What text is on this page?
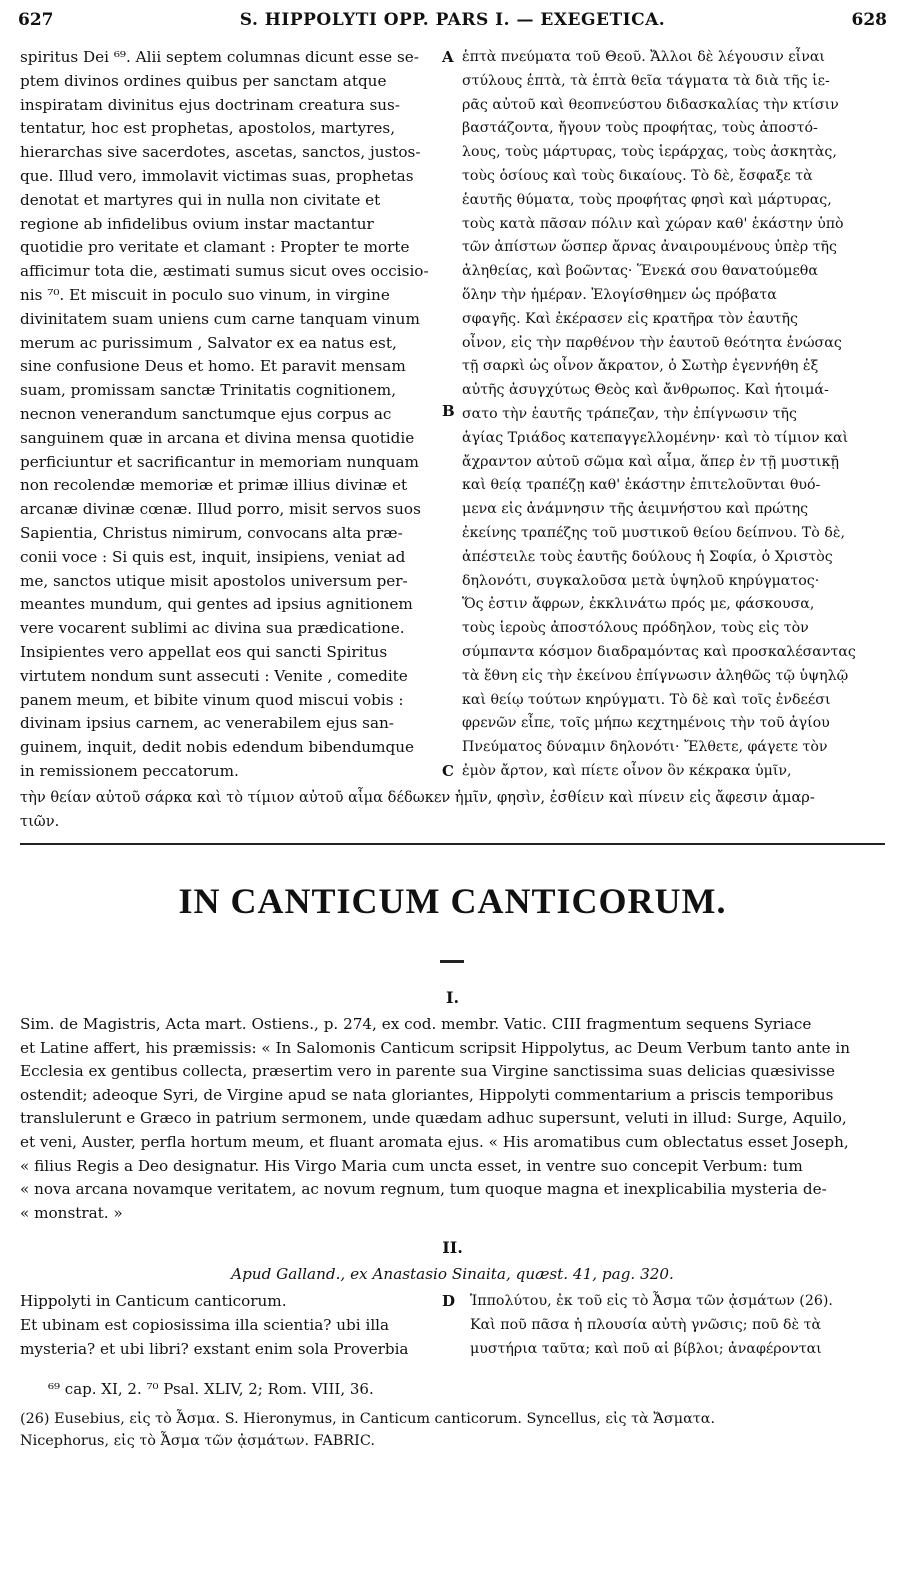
627	S. HIPPOLYTI OPP. PARS I. — EXEGETICA.	628
spiritus Dei ⁶⁹. Alii septem columnas dicunt esse se-
ptem divinos ordines quibus per sanctam atque
inspiratam divinitus ejus doctrinam creatura sus-
tentatur, hoc est prophetas, apostolos, martyres,
hierarchas sive sacerdotes, ascetas, sanctos, justos-
que. Illud vero, immolavit victimas suas, prophetas
denotat et martyres qui in nulla non civitate et
regione ab infidelibus ovium instar mactantur
quotidie pro veritate et clamant : Propter te morte
afficimur tota die, æstimati sumus sicut oves occisio-
nis ⁷⁰. Et miscuit in poculo suo vinum, in virgine
divinitatem suam uniens cum carne tanquam vinum
merum ac purissimum , Salvator ex ea natus est,
sine confusione Deus et homo. Et paravit mensam
suam, promissam sanctæ Trinitatis cognitionem,
necnon venerandum sanctumque ejus corpus ac
sanguinem quæ in arcana et divina mensa quotidie
perficiuntur et sacrificantur in memoriam nunquam
non recolendæ memoriæ et primæ illius divinæ et
arcanæ divinæ cœnæ. Illud porro, misit servos suos
Sapientia, Christus nimirum, convocans alta præ-
conii voce : Si quis est, inquit, insipiens, veniat ad
me, sanctos utique misit apostolos universum per-
meantes mundum, qui gentes ad ipsius agnitionem
vere vocarent sublimi ac divina sua prædicatione.
Insipientes vero appellat eos qui sancti Spiritus
virtutem nondum sunt assecuti : Venite , comedite
panem meum, et bibite vinum quod miscui vobis :
divinam ipsius carnem, ac venerabilem ejus san-
guinem, inquit, dedit nobis edendum bibendumque
in remissionem peccatorum.
A
B
C
ἑπτὰ πνεύματα τοῦ Θεοῦ. Ἄλλοι δὲ λέγουσιν εἶναι
στύλους ἑπτὰ, τὰ ἑπτὰ θεῖα τάγματα τὰ διὰ τῆς ἱε-
ρᾶς αὐτοῦ καὶ θεοπνεύστου διδασκαλίας τὴν κτίσιν
βαστάζοντα, ἤγουν τοὺς προφήτας, τοὺς ἀποστό-
λους, τοὺς μάρτυρας, τοὺς ἱεράρχας, τοὺς ἀσκητὰς,
τοὺς ὁσίους καὶ τοὺς δικαίους. Τὸ δὲ, ἔσφαξε τὰ
ἑαυτῆς θύματα, τοὺς προφήτας φησὶ καὶ μάρτυρας,
τοὺς κατὰ πᾶσαν πόλιν καὶ χώραν καθ' ἑκάστην ὑπὸ
τῶν ἀπίστων ὥσπερ ἄρνας ἀναιρουμένους ὑπὲρ τῆς
ἀληθείας, καὶ βοῶντας· Ἕνεκά σου θανατούμεθα
ὅλην τὴν ἡμέραν. Ἐλογίσθημεν ὡς πρόβατα
σφαγῆς. Καὶ ἐκέρασεν εἰς κρατῆρα τὸν ἑαυτῆς
οἶνον, εἰς τὴν παρθένον τὴν ἑαυτοῦ θεότητα ἑνώσας
τῇ σαρκὶ ὡς οἶνον ἄκρατον, ὁ Σωτὴρ ἐγεννήθη ἐξ
αὐτῆς ἀσυγχύτως Θεὸς καὶ ἄνθρωπος. Καὶ ἡτοιμά-
σατο τὴν ἑαυτῆς τράπεζαν, τὴν ἐπίγνωσιν τῆς
ἁγίας Τριάδος κατεπαγγελλομένην· καὶ τὸ τίμιον καὶ
ἄχραντον αὐτοῦ σῶμα καὶ αἷμα, ἅπερ ἐν τῇ μυστικῇ
καὶ θείᾳ τραπέζῃ καθ' ἑκάστην ἐπιτελοῦνται θυό-
μενα εἰς ἀνάμνησιν τῆς ἀειμνήστου καὶ πρώτης
ἐκείνης τραπέζης τοῦ μυστικοῦ θείου δείπνου. Τὸ δὲ,
ἀπέστειλε τοὺς ἑαυτῆς δούλους ἡ Σοφία, ὁ Χριστὸς
δηλονότι, συγκαλοῦσα μετὰ ὑψηλοῦ κηρύγματος·
Ὅς ἐστιν ἄφρων, ἐκκλινάτω πρός με, φάσκουσα,
τοὺς ἱεροὺς ἀποστόλους πρόδηλον, τοὺς εἰς τὸν
σύμπαντα κόσμον διαδραμόντας καὶ προσκαλέσαντας
τὰ ἔθνη εἰς τὴν ἐκείνου ἐπίγνωσιν ἀληθῶς τῷ ὑψηλῷ
καὶ θείῳ τούτων κηρύγματι. Τὸ δὲ καὶ τοῖς ἐνδεέσι
φρενῶν εἶπε, τοῖς μήπω κεχτημένοις τὴν τοῦ ἁγίου
Πνεύματος δύναμιν δηλονότι· Ἔλθετε, φάγετε τὸν
ἐμὸν ἄρτον, καὶ πίετε οἶνον ὃν κέκρακα ὑμῖν,
τὴν θείαν αὐτοῦ σάρκα καὶ τὸ τίμιον αὐτοῦ αἷμα δέδωκεν ἡμῖν, φησὶν, ἐσθίειν καὶ πίνειν εἰς ἄφεσιν ἁμαρ-
τιῶν.
IN CANTICUM CANTICORUM.
I.
Sim. de Magistris, Acta mart. Ostiens., p. 274, ex cod. membr. Vatic. CIII fragmentum sequens Syriace
et Latine affert, his præmissis: « In Salomonis Canticum scripsit Hippolytus, ac Deum Verbum tanto ante in
Ecclesia ex gentibus collecta, præsertim vero in parente sua Virgine sanctissima suas delicias quæsivisse
ostendit; adeoque Syri, de Virgine apud se nata gloriantes, Hippolyti commentarium a priscis temporibus
translulerunt e Græco in patrium sermonem, unde quædam adhuc supersunt, veluti in illud: Surge, Aquilo,
et veni, Auster, perfla hortum meum, et fluant aromata ejus. « His aromatibus cum oblectatus esset Joseph,
« filius Regis a Deo designatur. His Virgo Maria cum uncta esset, in ventre suo concepit Verbum: tum
« nova arcana novamque veritatem, ac novum regnum, tum quoque magna et inexplicabilia mysteria de-
« monstrat. »
II.
Apud Galland., ex Anastasio Sinaita, quæst. 41, pag. 320.
Hippolyti in Canticum canticorum.
Et ubinam est copiosissima illa scientia? ubi illa
mysteria? et ubi libri? exstant enim sola Proverbia
D Ἱππολύτου, ἐκ τοῦ εἰς τὸ Ἆσμα τῶν ᾀσμάτων (26).
Καὶ ποῦ πᾶσα ἡ πλουσία αὐτὴ γνῶσις; ποῦ δὲ τὰ
μυστήρια ταῦτα; καὶ ποῦ αἱ βίβλοι; ἀναφέρονται
⁶⁹ cap. XI, 2. ⁷⁰ Psal. XLIV, 2; Rom. VIII, 36.
(26) Eusebius, εἰς τὸ Ἆσμα. S. Hieronymus, in Canticum canticorum. Syncellus, εἰς τὰ Ἄσματα.
Nicephorus, εἰς τὸ Ἆσμα τῶν ᾀσμάτων. FABRIC.
